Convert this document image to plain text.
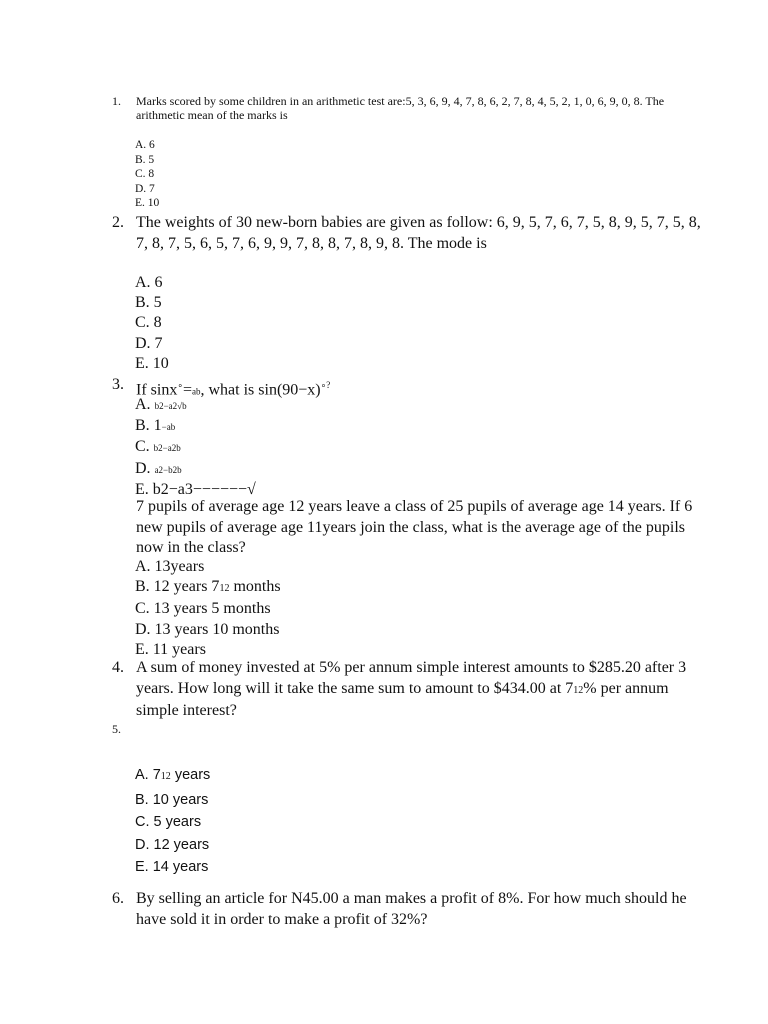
1. Marks scored by some children in an arithmetic test are:5, 3, 6, 9, 4, 7, 8, 6, 2, 7, 8, 4, 5, 2, 1, 0, 6, 9, 0, 8. The arithmetic mean of the marks is
A. 6
B. 5
C. 8
D. 7
E. 10
2. The weights of 30 new-born babies are given as follow: 6, 9, 5, 7, 6, 7, 5, 8, 9, 5, 7, 5, 8, 7, 8, 7, 5, 6, 5, 7, 6, 9, 9, 7, 8, 8, 7, 8, 9, 8. The mode is
A. 6
B. 5
C. 8
D. 7
E. 10
3. If sinx∘=ab, what is sin(90−x)∘?
A. b2−a2√b
B. 1−ab
C. b2−a2b
D. a2−b2b
E. b2−a3−−−−−−√
7 pupils of average age 12 years leave a class of 25 pupils of average age 14 years. If 6 new pupils of average age 11years join the class, what is the average age of the pupils now in the class?
A. 13years
B. 12 years 712 months
C. 13 years 5 months
D. 13 years 10 months
E. 11 years
4. A sum of money invested at 5% per annum simple interest amounts to $285.20 after 3 years. How long will it take the same sum to amount to $434.00 at 712% per annum simple interest?
5.
A. 712 years
B. 10 years
C. 5 years
D. 12 years
E. 14 years
6. By selling an article for N45.00 a man makes a profit of 8%. For how much should he have sold it in order to make a profit of 32%?
